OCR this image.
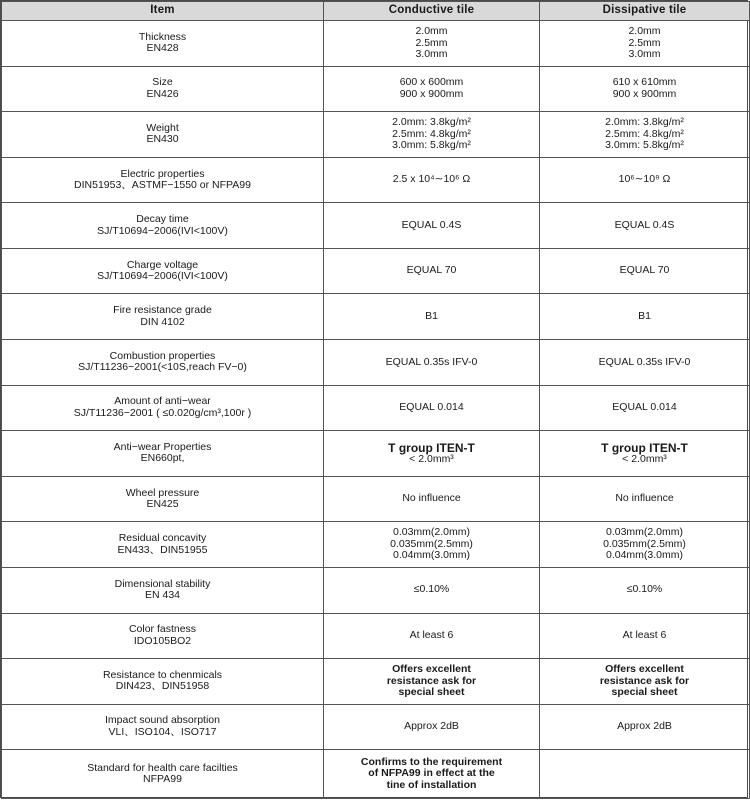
Item	Conductive tile	Dissipative tile

Thickness
EN428	2.0mm
2.5mm
3.0mm	2.0mm
2.5mm
3.0mm

Size
EN426	600 x 600mm
900 x 900mm	610 x 610mm
900 x 900mm

Weight
EN430	2.0mm: 3.8kg/m²
2.5mm: 4.8kg/m²
3.0mm: 5.8kg/m²	2.0mm: 3.8kg/m²
2.5mm: 4.8kg/m²
3.0mm: 5.8kg/m²

Electric properties
DIN51953、ASTMF−1550 or NFPA99	2.5 x 10⁴∼10⁶ Ω	10⁶∼10⁹ Ω

Decay time
SJ/T10694−2006(IVI<100V)	EQUAL 0.4S	EQUAL 0.4S

Charge voltage
SJ/T10694−2006(IVI<100V)	EQUAL 70	EQUAL 70

Fire resistance grade
DIN 4102	B1	B1

Combustion properties
SJ/T11236−2001(<10S,reach FV−0)	EQUAL 0.35s IFV-0	EQUAL 0.35s IFV-0

Amount of anti−wear
SJ/T11236−2001 ( ≤0.020g/cm³,100r )	EQUAL 0.014	EQUAL 0.014

Anti−wear Properties
EN660pt,	T group ITEN-T
< 2.0mm³	T group ITEN-T
< 2.0mm³

Wheel pressure
EN425	No influence	No influence

Residual concavity
EN433、DIN51955	0.03mm(2.0mm)
0.035mm(2.5mm)
0.04mm(3.0mm)	0.03mm(2.0mm)
0.035mm(2.5mm)
0.04mm(3.0mm)

Dimensional stability
EN 434	≤0.10%	≤0.10%

Color fastness
IDO105BO2	At least 6	At least 6

Resistance to chenmicals
DIN423、DIN51958	Offers excellent
resistance ask for
special sheet	Offers excellent
resistance ask for
special sheet

Impact sound absorption
VLI、ISO104、ISO717	Approx 2dB	Approx 2dB

Standard for health care facilties
NFPA99	Confirms to the requirement
of NFPA99 in effect at the
tine of installation	
